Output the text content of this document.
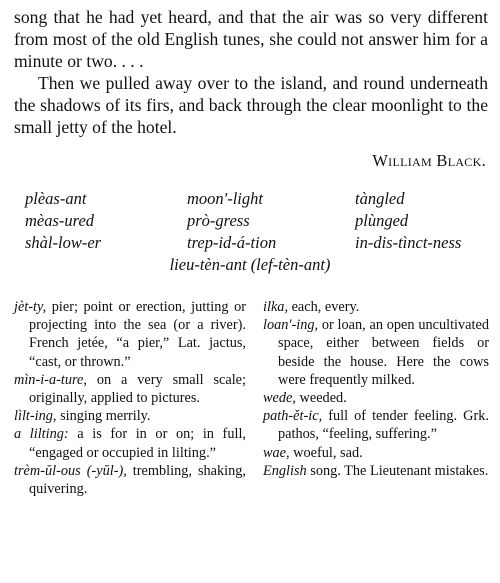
song that he had yet heard, and that the air was so very different from most of the old English tunes, she could not answer him for a minute or two. . . .

Then we pulled away over to the island, and round underneath the shadows of its firs, and back through the clear moonlight to the small jetty of the hotel.

William Black.
plèas-ant	moon'-light	tàngled
mèas-ured	prò-gress	plùnged
shàl-low-er	trep-id-á-tion	in-dis-tìnct-ness
lieu-tèn-ant (lef-tèn-ant)
jèt-ty, pier; point or erection, jutting or projecting into the sea (or a river). French jetée, “a pier,” Lat. jactus, “cast, or thrown.”
mìn-i-a-ture, on a very small scale; originally, applied to pictures.
lìlt-ing, singing merrily.
a lilting: a is for in or on; in full, “engaged or occupied in lilting.”
trèm-ŭl-ous (-yŭl-), trembling, shaking, quivering.
ilka, each, every.
loan'-ing, or loan, an open uncultivated space, either between fields or beside the house. Here the cows were frequently milked.
wede, weeded.
path-ět-ic, full of tender feeling. Grk. pathos, “feeling, suffering.”
wae, woeful, sad.
English song. The Lieutenant mistakes.
